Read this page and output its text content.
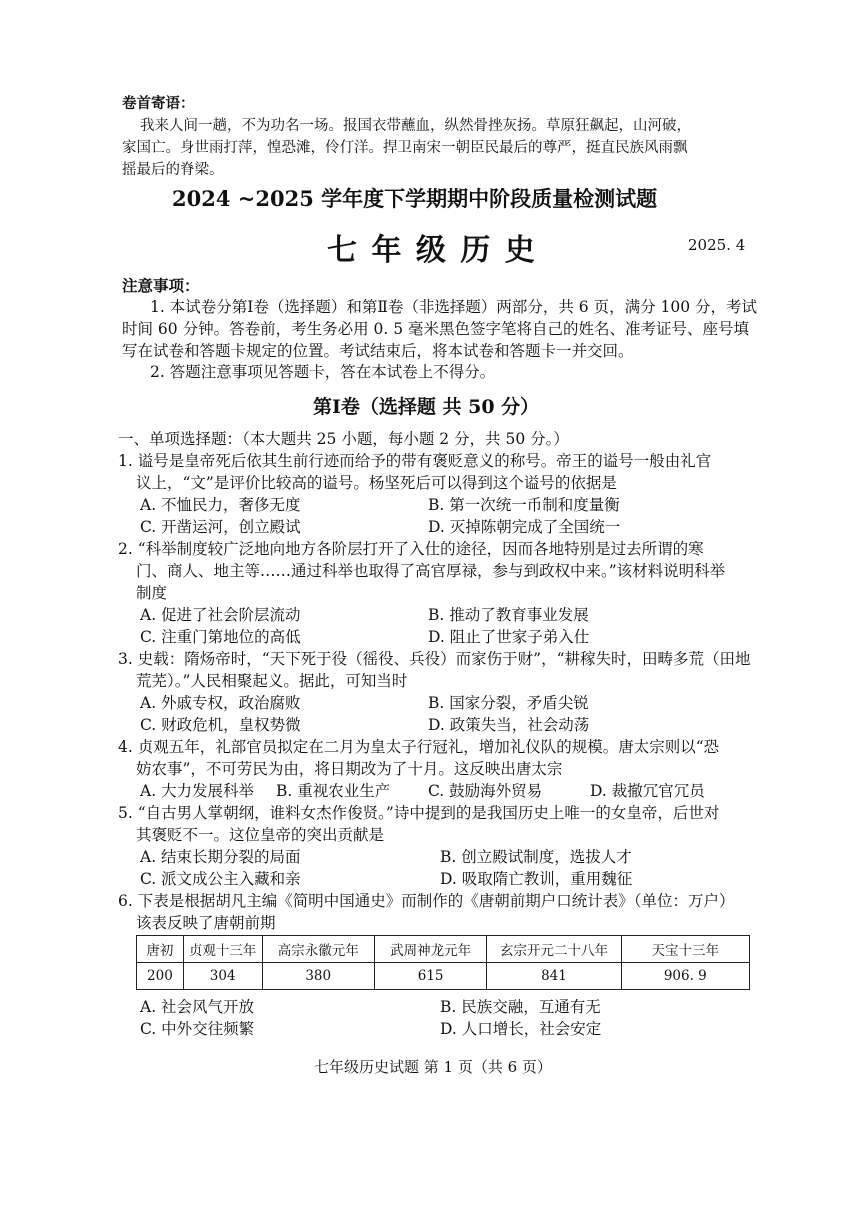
卷首寄语：
我来人间一趟，不为功名一场。报国衣带蘸血，纵然骨挫灰扬。草原狂飙起，山河破，
家国亡。身世雨打萍，惶恐滩，伶仃洋。捍卫南宋一朝臣民最后的尊严，挺直民族风雨飘
摇最后的脊梁。
2024 ~2025 学年度下学期期中阶段质量检测试题
七 年 级 历 史	2025. 4
注意事项：
1. 本试卷分第Ⅰ卷（选择题）和第Ⅱ卷（非选择题）两部分，共 6 页，满分 100 分，考试
时间 60 分钟。答卷前，考生务必用 0. 5 毫米黑色签字笔将自己的姓名、准考证号、座号填
写在试卷和答题卡规定的位置。考试结束后，将本试卷和答题卡一并交回。
2. 答题注意事项见答题卡，答在本试卷上不得分。
第Ⅰ卷（选择题 共 50 分）
一、单项选择题：（本大题共 25 小题，每小题 2 分，共 50 分。）
1. 谥号是皇帝死后依其生前行迹而给予的带有褒贬意义的称号。帝王的谥号一般由礼官
议上，“文”是评价比较高的谥号。杨坚死后可以得到这个谥号的依据是
A. 不恤民力，奢侈无度	B. 第一次统一币制和度量衡
C. 开凿运河，创立殿试	D. 灭掉陈朝完成了全国统一
2. “科举制度较广泛地向地方各阶层打开了入仕的途径，因而各地特别是过去所谓的寒
门、商人、地主等……通过科举也取得了高官厚禄，参与到政权中来。”该材料说明科举
制度
A. 促进了社会阶层流动	B. 推动了教育事业发展
C. 注重门第地位的高低	D. 阻止了世家子弟入仕
3. 史载：隋炀帝时，“天下死于役（徭役、兵役）而家伤于财”，“耕稼失时，田畴多荒（田地
荒芜）。”人民相聚起义。据此，可知当时
A. 外戚专权，政治腐败	B. 国家分裂，矛盾尖锐
C. 财政危机，皇权势微	D. 政策失当，社会动荡
4. 贞观五年，礼部官员拟定在二月为皇太子行冠礼，增加礼仪队的规模。唐太宗则以“恐
妨农事”，不可劳民为由，将日期改为了十月。这反映出唐太宗
A. 大力发展科举 B. 重视农业生产 C. 鼓励海外贸易	D. 裁撤冗官冗员
5. “自古男人掌朝纲，谁料女杰作俊贤。”诗中提到的是我国历史上唯一的女皇帝，后世对
其褒贬不一。这位皇帝的突出贡献是
A. 结束长期分裂的局面	B. 创立殿试制度，选拔人才
C. 派文成公主入藏和亲	D. 吸取隋亡教训，重用魏征
6. 下表是根据胡凡主编《简明中国通史》而制作的《唐朝前期户口统计表》（单位：万户）
该表反映了唐朝前期
唐初	贞观十三年	高宗永徽元年	武周神龙元年	玄宗开元二十八年	天宝十三年
200	304	380	615	841	906. 9
A. 社会风气开放	B. 民族交融，互通有无
C. 中外交往频繁	D. 人口增长，社会安定
七年级历史试题 第 1 页（共 6 页）
